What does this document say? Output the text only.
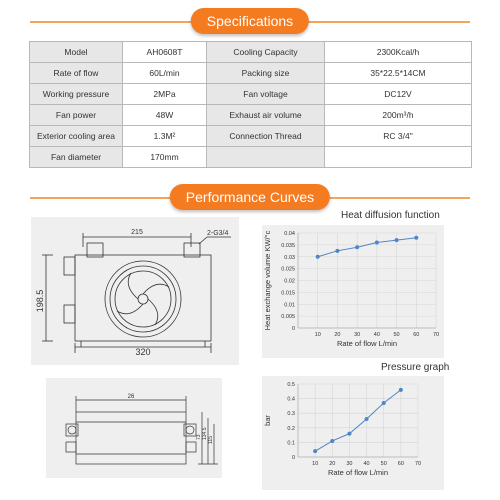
Specifications
Model	AH0608T	Cooling Capacity	2300Kcal/h
Rate of flow	60L/min	Packing size	35*22.5*14CM
Working pressure	2MPa	Fan voltage	DC12V
Fan power	48W	Exhaust air volume	200m³/h
Exterior cooling area	1.3M²	Connection Thread	RC 3/4"
Fan diameter	170mm		
Performance Curves
215	2-G3/4
198.5
320
26
73 134.5
115
Heat diffusion function
0
0.005
0.01
0.015
0.02
0.025
0.03
0.035
0.04
10 20 30 40 50 60 70
Rate of flow L/min
Heat exchange volume KW/°c
Pressure graph
0
0.1
0.2
0.3
0.4
0.5
10 20 30 40 50 60 70
Rate of flow L/min
bar
